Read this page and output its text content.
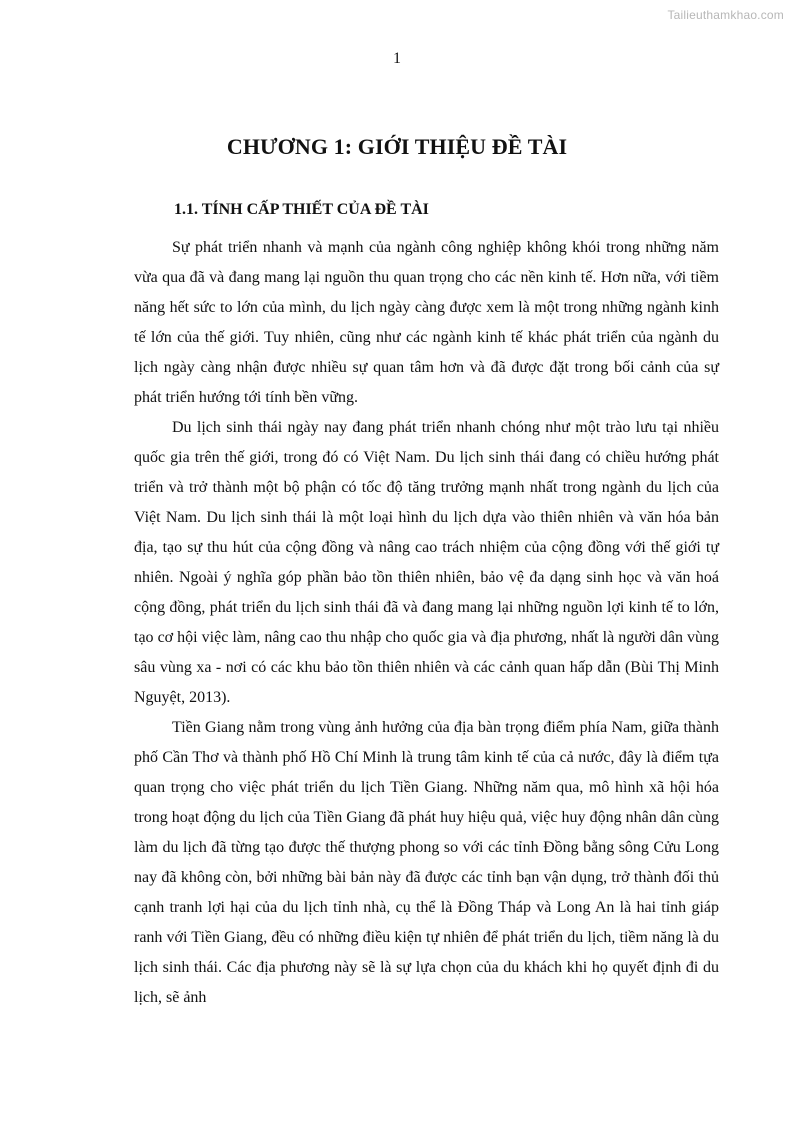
Tailieuthamkhao.com
1
CHƯƠNG 1: GIỚI THIỆU ĐỀ TÀI
1.1. TÍNH CẤP THIẾT CỦA ĐỀ TÀI

Sự phát triển nhanh và mạnh của ngành công nghiệp không khói trong những năm vừa qua đã và đang mang lại nguồn thu quan trọng cho các nền kinh tế. Hơn nữa, với tiềm năng hết sức to lớn của mình, du lịch ngày càng được xem là một trong những ngành kinh tế lớn của thế giới. Tuy nhiên, cũng như các ngành kinh tế khác phát triển của ngành du lịch ngày càng nhận được nhiều sự quan tâm hơn và đã được đặt trong bối cảnh của sự phát triển hướng tới tính bền vững.

Du lịch sinh thái ngày nay đang phát triển nhanh chóng như một trào lưu tại nhiều quốc gia trên thế giới, trong đó có Việt Nam. Du lịch sinh thái đang có chiều hướng phát triển và trở thành một bộ phận có tốc độ tăng trưởng mạnh nhất trong ngành du lịch của Việt Nam. Du lịch sinh thái là một loại hình du lịch dựa vào thiên nhiên và văn hóa bản địa, tạo sự thu hút của cộng đồng và nâng cao trách nhiệm của cộng đồng với thế giới tự nhiên. Ngoài ý nghĩa góp phần bảo tồn thiên nhiên, bảo vệ đa dạng sinh học và văn hoá cộng đồng, phát triển du lịch sinh thái đã và đang mang lại những nguồn lợi kinh tế to lớn, tạo cơ hội việc làm, nâng cao thu nhập cho quốc gia và địa phương, nhất là người dân vùng sâu vùng xa - nơi có các khu bảo tồn thiên nhiên và các cảnh quan hấp dẫn (Bùi Thị Minh Nguyệt, 2013).

Tiền Giang nằm trong vùng ảnh hưởng của địa bàn trọng điểm phía Nam, giữa thành phố Cần Thơ và thành phố Hồ Chí Minh là trung tâm kinh tế của cả nước, đây là điểm tựa quan trọng cho việc phát triển du lịch Tiền Giang. Những năm qua, mô hình xã hội hóa trong hoạt động du lịch của Tiền Giang đã phát huy hiệu quả, việc huy động nhân dân cùng làm du lịch đã từng tạo được thế thượng phong so với các tỉnh Đồng bằng sông Cửu Long nay đã không còn, bởi những bài bản này đã được các tỉnh bạn vận dụng, trở thành đối thủ cạnh tranh lợi hại của du lịch tỉnh nhà, cụ thể là Đồng Tháp và Long An là hai tỉnh giáp ranh với Tiền Giang, đều có những điều kiện tự nhiên để phát triển du lịch, tiềm năng là du lịch sinh thái. Các địa phương này sẽ là sự lựa chọn của du khách khi họ quyết định đi du lịch, sẽ ảnh
